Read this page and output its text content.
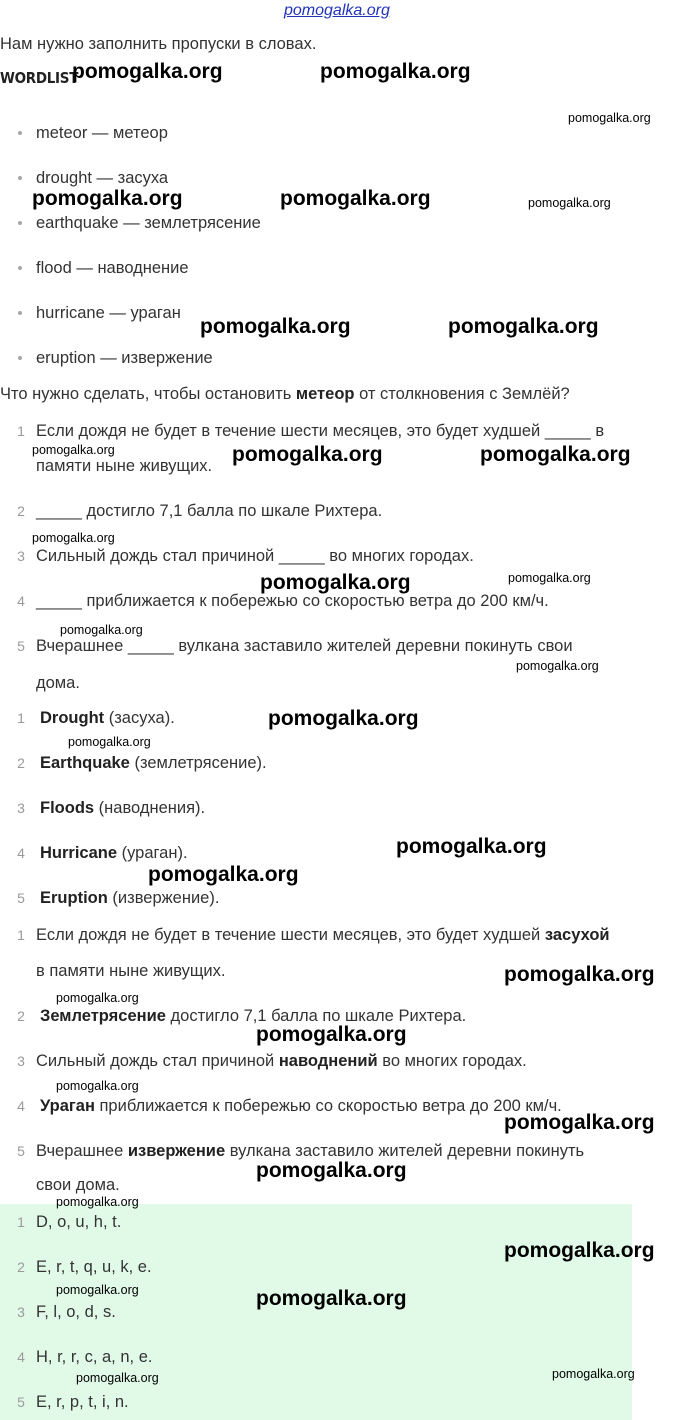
pomogalka.org
Нам нужно заполнить пропуски в словах.
WORDLIST
meteor — метеор
drought — засуха
earthquake — землетрясение
flood — наводнение
hurricane — ураган
eruption — извержение
Что нужно сделать, чтобы остановить метеор от столкновения с Землёй?
1 Если дождя не будет в течение шести месяцев, это будет худшей _____ в
памяти ныне живущих.
2 _____ достигло 7,1 балла по шкале Рихтера.
3 Сильный дождь стал причиной _____ во многих городах.
4 _____ приближается к побережью со скоростью ветра до 200 км/ч.
5 Вчерашнее _____ вулкана заставило жителей деревни покинуть свои
дома.
1 Drought (засуха).
2 Earthquake (землетрясение).
3 Floods (наводнения).
4 Hurricane (ураган).
5 Eruption (извержение).
1 Если дождя не будет в течение шести месяцев, это будет худшей засухой
в памяти ныне живущих.
2 Землетрясение достигло 7,1 балла по шкале Рихтера.
3 Сильный дождь стал причиной наводнений во многих городах.
4 Ураган приближается к побережью со скоростью ветра до 200 км/ч.
5 Вчерашнее извержение вулкана заставило жителей деревни покинуть
свои дома.
1 D, o, u, h, t.
2 E, r, t, q, u, k, e.
3 F, l, o, d, s.
4 H, r, r, c, a, n, e.
5 E, r, p, t, i, n.
pomogalka.org	pomogalka.org
pomogalka.org
pomogalka.org	pomogalka.org	pomogalka.org
pomogalka.org	pomogalka.org
pomogalka.org	pomogalka.org	pomogalka.org
pomogalka.org
pomogalka.org	pomogalka.org
pomogalka.org
pomogalka.org
pomogalka.org
pomogalka.org
pomogalka.org
pomogalka.org
pomogalka.org
pomogalka.org
pomogalka.org
pomogalka.org
pomogalka.org
pomogalka.org
pomogalka.org
pomogalka.org
pomogalka.org	pomogalka.org
pomogalka.org	pomogalka.org
